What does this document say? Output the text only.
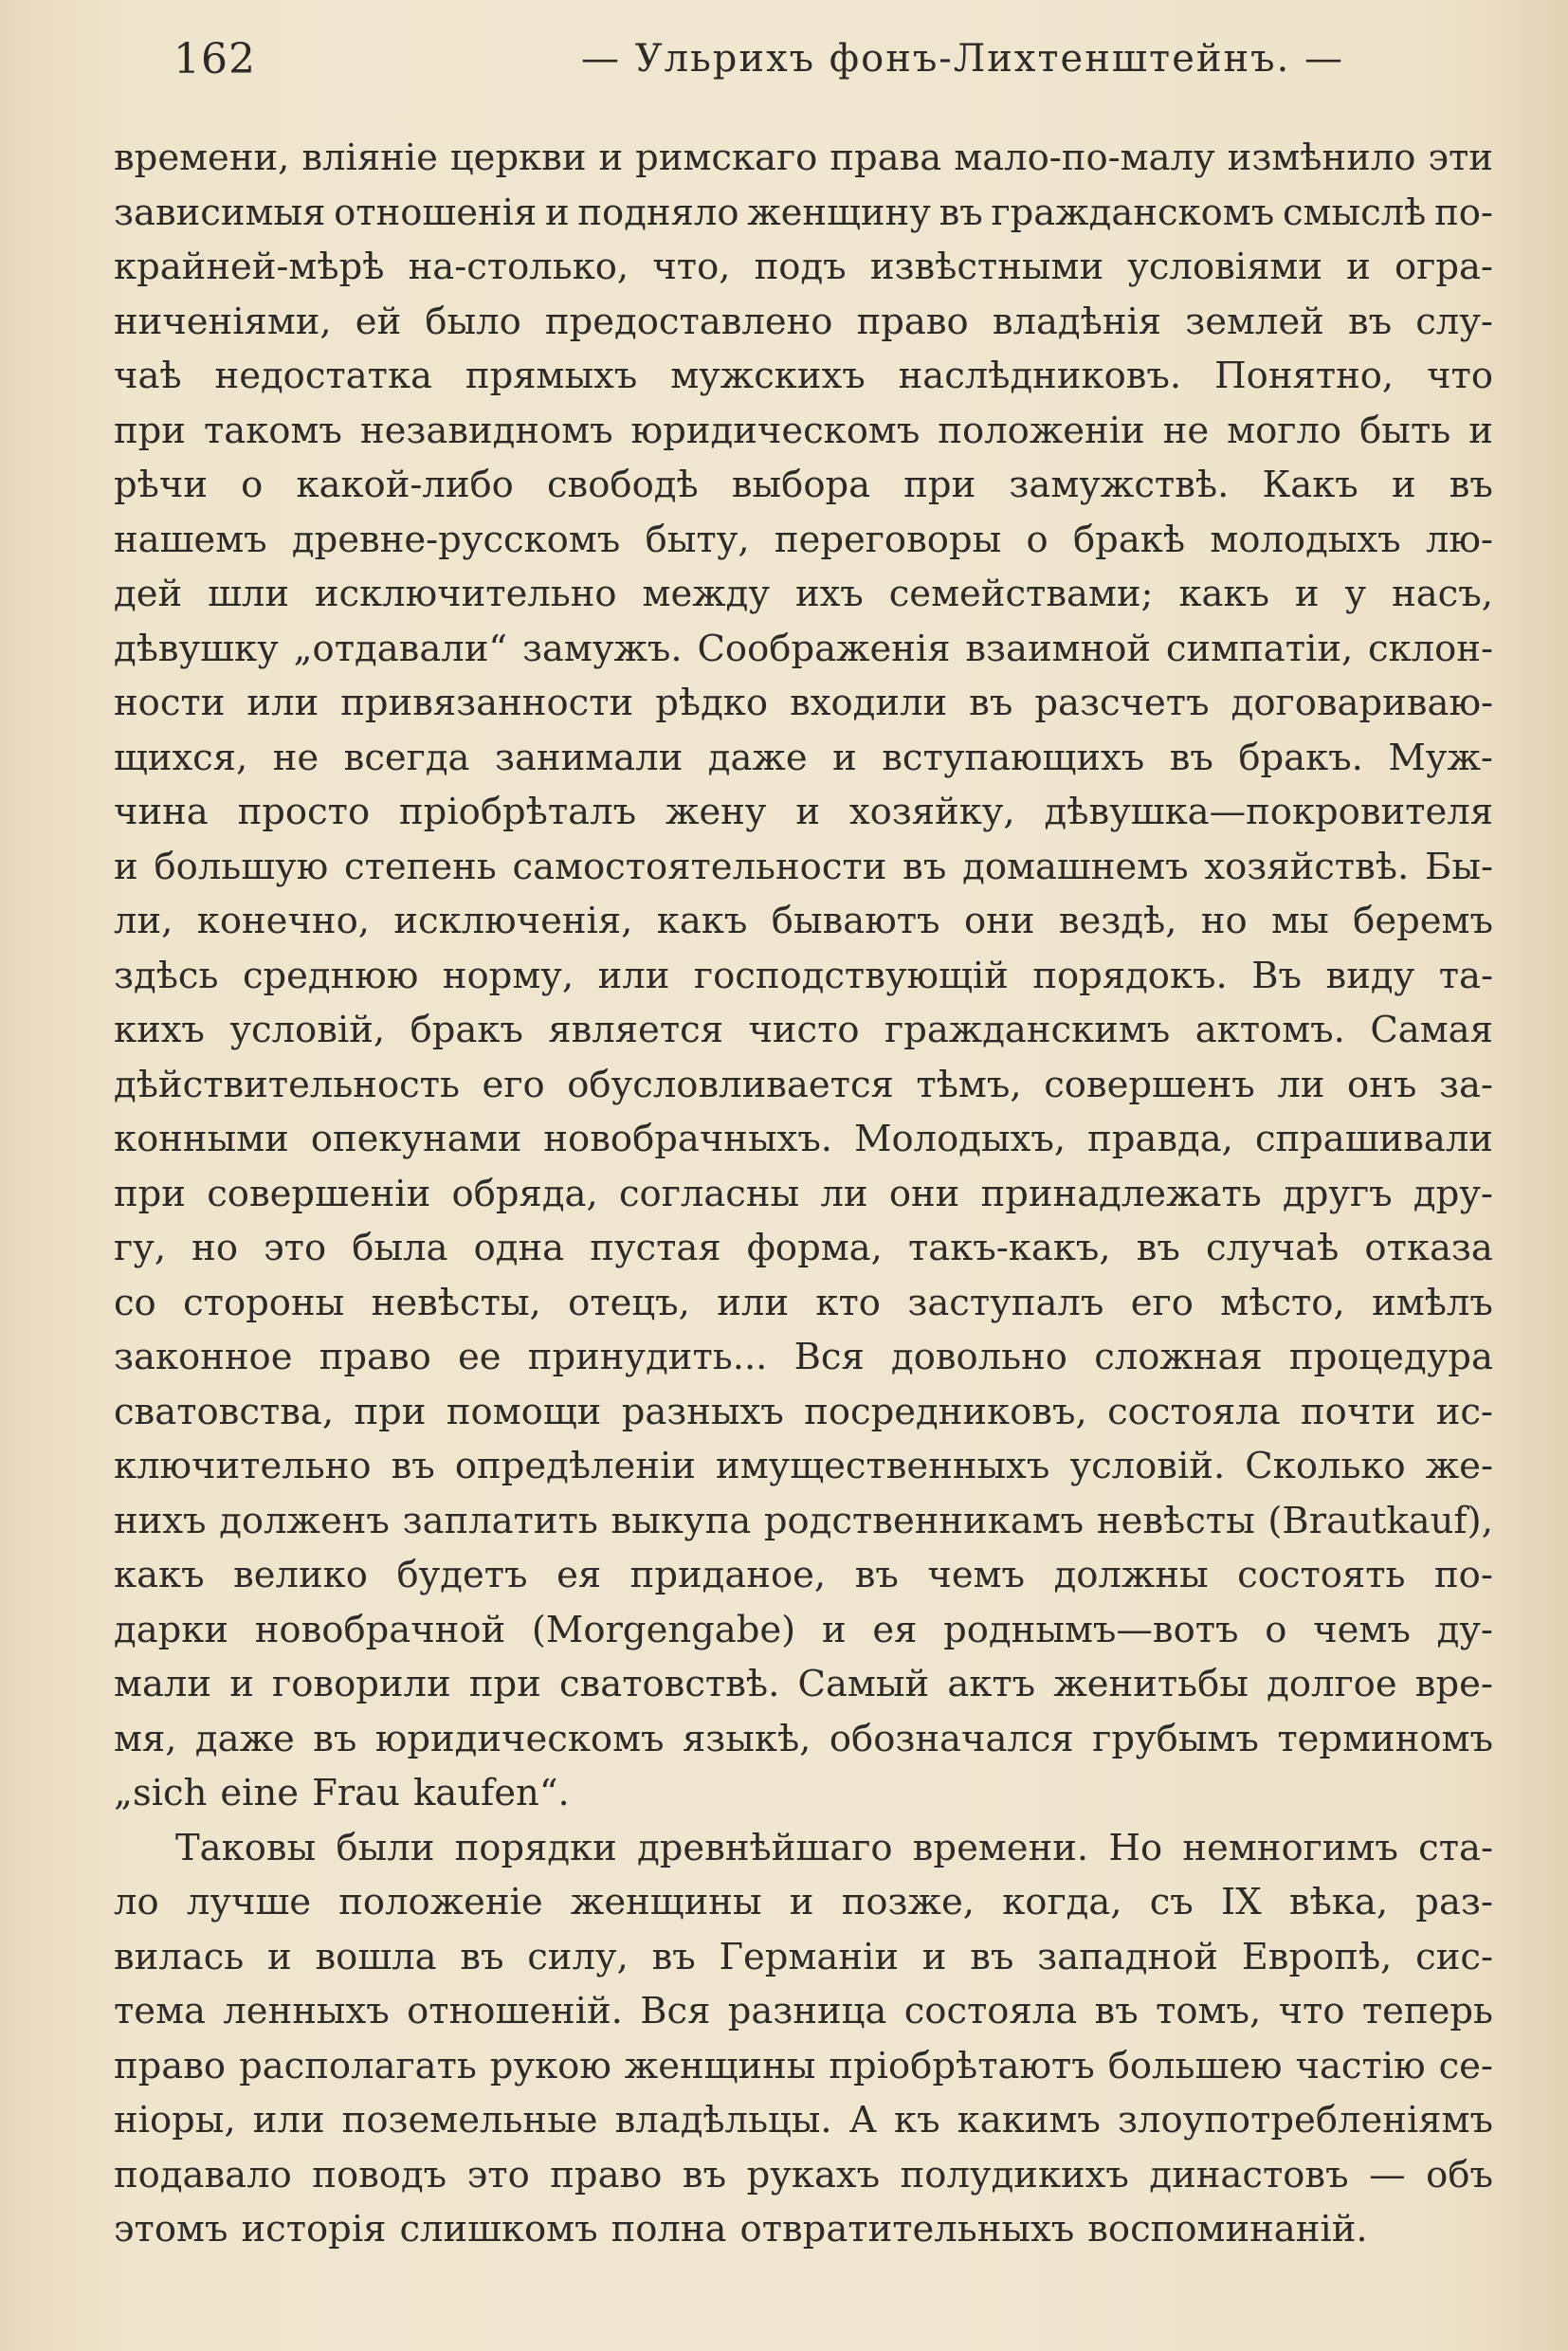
162	— Ульрихъ фонъ-Лихтенштейнъ. —
времени, вліяніе церкви и римскаго права мало-по-малу измѣнило эти
зависимыя отношенія и подняло женщину въ гражданскомъ смыслѣ по-
крайней-мѣрѣ на-столько, что, подъ извѣстными условіями и огра-
ниченіями, ей было предоставлено право владѣнія землей въ слу-
чаѣ недостатка прямыхъ мужскихъ наслѣдниковъ. Понятно, что
при такомъ незавидномъ юридическомъ положеніи не могло быть и
рѣчи о какой-либо свободѣ выбора при замужствѣ. Какъ и въ
нашемъ древне-русскомъ быту, переговоры о бракѣ молодыхъ лю-
дей шли исключительно между ихъ семействами; какъ и у насъ,
дѣвушку „отдавали“ замужъ. Соображенія взаимной симпатіи, склон-
ности или привязанности рѣдко входили въ разсчетъ договариваю-
щихся, не всегда занимали даже и вступающихъ въ бракъ. Муж-
чина просто пріобрѣталъ жену и хозяйку, дѣвушка—покровителя
и большую степень самостоятельности въ домашнемъ хозяйствѣ. Бы-
ли, конечно, исключенія, какъ бываютъ они вездѣ, но мы беремъ
здѣсь среднюю норму, или господствующій порядокъ. Въ виду та-
кихъ условій, бракъ является чисто гражданскимъ актомъ. Самая
дѣйствительность его обусловливается тѣмъ, совершенъ ли онъ за-
конными опекунами новобрачныхъ. Молодыхъ, правда, спрашивали
при совершеніи обряда, согласны ли они принадлежать другъ дру-
гу, но это была одна пустая форма, такъ-какъ, въ случаѣ отказа
со стороны невѣсты, отецъ, или кто заступалъ его мѣсто, имѣлъ
законное право ее принудить... Вся довольно сложная процедура
сватовства, при помощи разныхъ посредниковъ, состояла почти ис-
ключительно въ опредѣленіи имущественныхъ условій. Сколько же-
нихъ долженъ заплатить выкупа родственникамъ невѣсты (Brautkauf),
какъ велико будетъ ея приданое, въ чемъ должны состоять по-
дарки новобрачной (Morgengabe) и ея роднымъ—вотъ о чемъ ду-
мали и говорили при сватовствѣ. Самый актъ женитьбы долгое вре-
мя, даже въ юридическомъ языкѣ, обозначался грубымъ терминомъ
„sich eine Frau kaufen“.
Таковы были порядки древнѣйшаго времени. Но немногимъ ста-
ло лучше положеніе женщины и позже, когда, съ IX вѣка, раз-
вилась и вошла въ силу, въ Германіи и въ западной Европѣ, сис-
тема ленныхъ отношеній. Вся разница состояла въ томъ, что теперь
право располагать рукою женщины пріобрѣтаютъ большею частію се-
ніоры, или поземельные владѣльцы. А къ какимъ злоупотребленіямъ
подавало поводъ это право въ рукахъ полудикихъ династовъ — объ
этомъ исторія слишкомъ полна отвратительныхъ воспоминаній.
